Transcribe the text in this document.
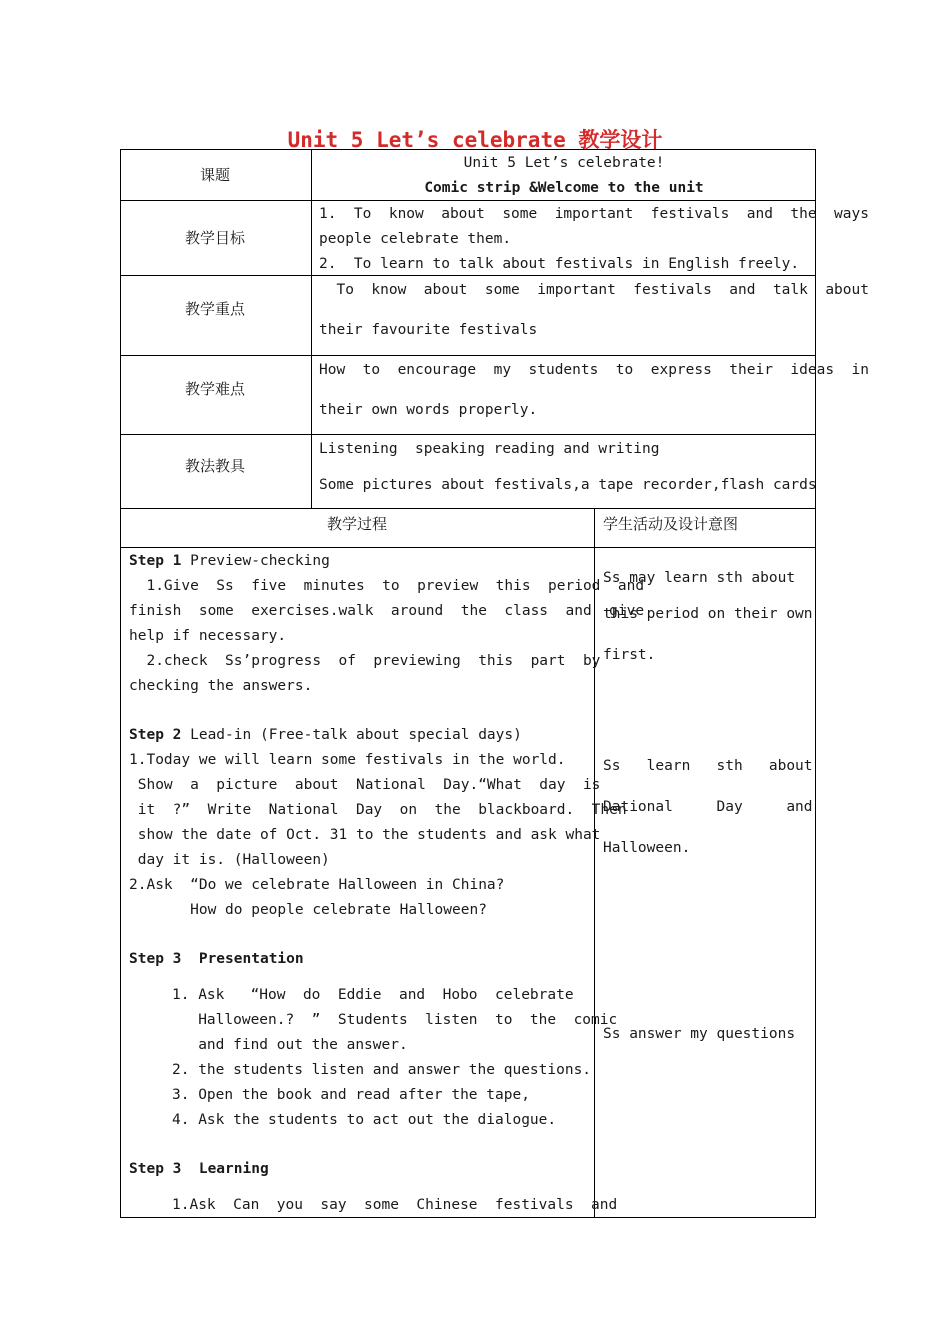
Unit 5 Let’s celebrate 教学设计
课题
Unit 5 Let’s celebrate!
Comic strip &Welcome to the unit
教学目标
1.  To  know  about  some  important  festivals  and  the  ways
people celebrate them.
2.  To learn to talk about festivals in English freely.
教学重点
To  know  about  some  important  festivals  and  talk  about
their favourite festivals
教学难点
How  to  encourage  my  students  to  express  their  ideas  in
their own words properly.
教法教具
Listening  speaking reading and writing
Some pictures about festivals,a tape recorder,flash cards
教学过程	学生活动及设计意图
Step 1 Preview-checking
1.Give  Ss  five  minutes  to  preview  this  period  and
finish  some  exercises.walk  around  the  class  and  give
help if necessary.
2.check  Ss’progress  of  previewing  this  part  by
checking the answers.
Step 2 Lead-in (Free-talk about special days)
1.Today we will learn some festivals in the world.
Show  a  picture  about  National  Day.“What  day  is
it  ?”  Write  National  Day  on  the  blackboard.  Then
show the date of Oct. 31 to the students and ask what
day it is. (Halloween)
2.Ask  “Do we celebrate Halloween in China?
How do people celebrate Halloween?
Step 3  Presentation
1. Ask   “How  do  Eddie  and  Hobo  celebrate
Halloween.?  ”  Students  listen  to  the  comic
and find out the answer.
2. the students listen and answer the questions.
3. Open the book and read after the tape,
4. Ask the students to act out the dialogue.
Step 3  Learning
1.Ask  Can  you  say  some  Chinese  festivals  and
Ss may learn sth about
this period on their own
first.
Ss   learn   sth   about
Dational     Day     and
Halloween.
Ss answer my questions
